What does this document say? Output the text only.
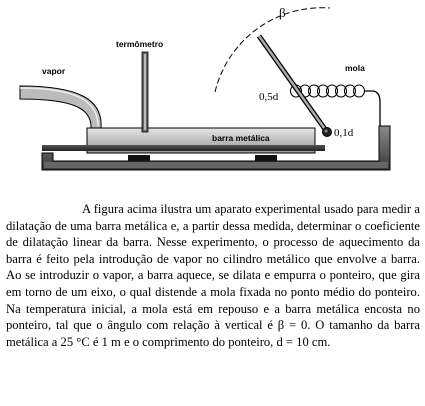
termômetro
vapor	mola
β
0,5d
0,1d
barra metálica

A figura acima ilustra um aparato experimental usado para medir a dilatação de uma barra metálica e, a partir dessa medida, determinar o coeficiente de dilatação linear da barra. Nesse experimento, o processo de aquecimento da barra é feito pela introdução de vapor no cilindro metálico que envolve a barra. Ao se introduzir o vapor, a barra aquece, se dilata e empurra o ponteiro, que gira em torno de um eixo, o qual distende a mola fixada no ponto médio do ponteiro. Na temperatura inicial, a mola está em repouso e a barra metálica encosta no ponteiro, tal que o ângulo com relação à vertical é β = 0. O tamanho da barra metálica a 25 °C é 1 m e o comprimento do ponteiro, d = 10 cm.
